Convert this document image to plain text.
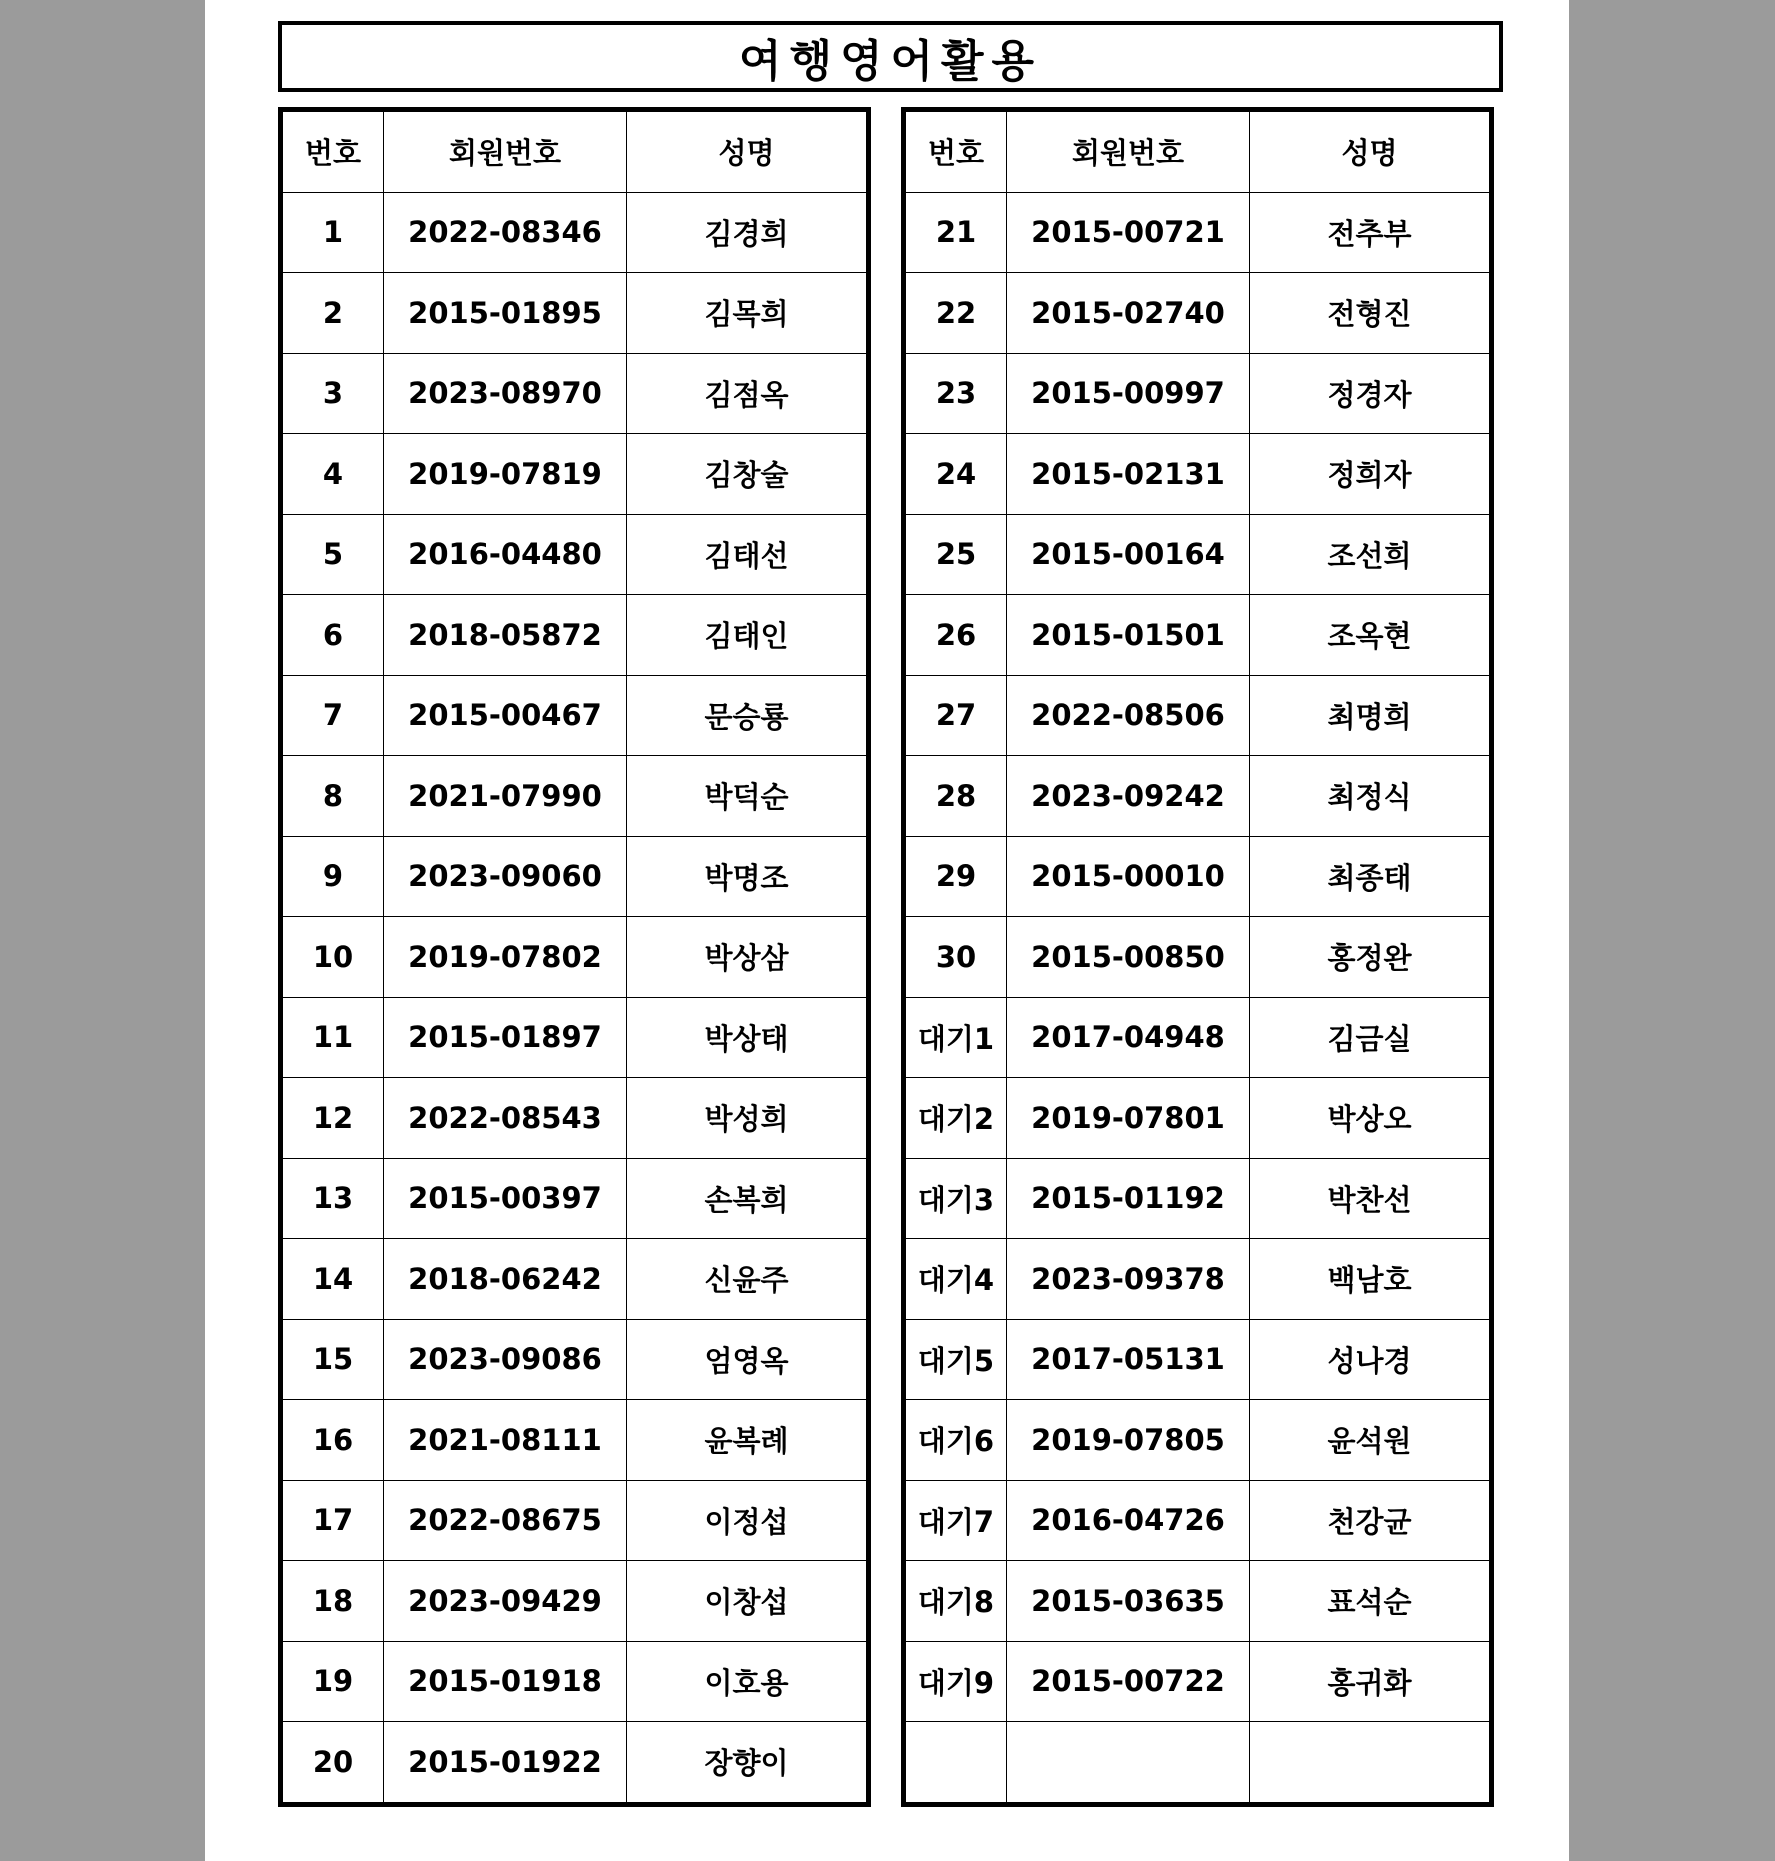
여행영어활용
번호	회원번호	성명
1	2022-08346	김경희
2	2015-01895	김목희
3	2023-08970	김점옥
4	2019-07819	김창술
5	2016-04480	김태선
6	2018-05872	김태인
7	2015-00467	문승룡
8	2021-07990	박덕순
9	2023-09060	박명조
10	2019-07802	박상삼
11	2015-01897	박상태
12	2022-08543	박성희
13	2015-00397	손복희
14	2018-06242	신윤주
15	2023-09086	엄영옥
16	2021-08111	윤복례
17	2022-08675	이정섭
18	2023-09429	이창섭
19	2015-01918	이호용
20	2015-01922	장향이
번호	회원번호	성명
21	2015-00721	전추부
22	2015-02740	전형진
23	2015-00997	정경자
24	2015-02131	정희자
25	2015-00164	조선희
26	2015-01501	조옥현
27	2022-08506	최명희
28	2023-09242	최정식
29	2015-00010	최종태
30	2015-00850	홍정완
대기1	2017-04948	김금실
대기2	2019-07801	박상오
대기3	2015-01192	박찬선
대기4	2023-09378	백남호
대기5	2017-05131	성나경
대기6	2019-07805	윤석원
대기7	2016-04726	천강균
대기8	2015-03635	표석순
대기9	2015-00722	홍귀화
